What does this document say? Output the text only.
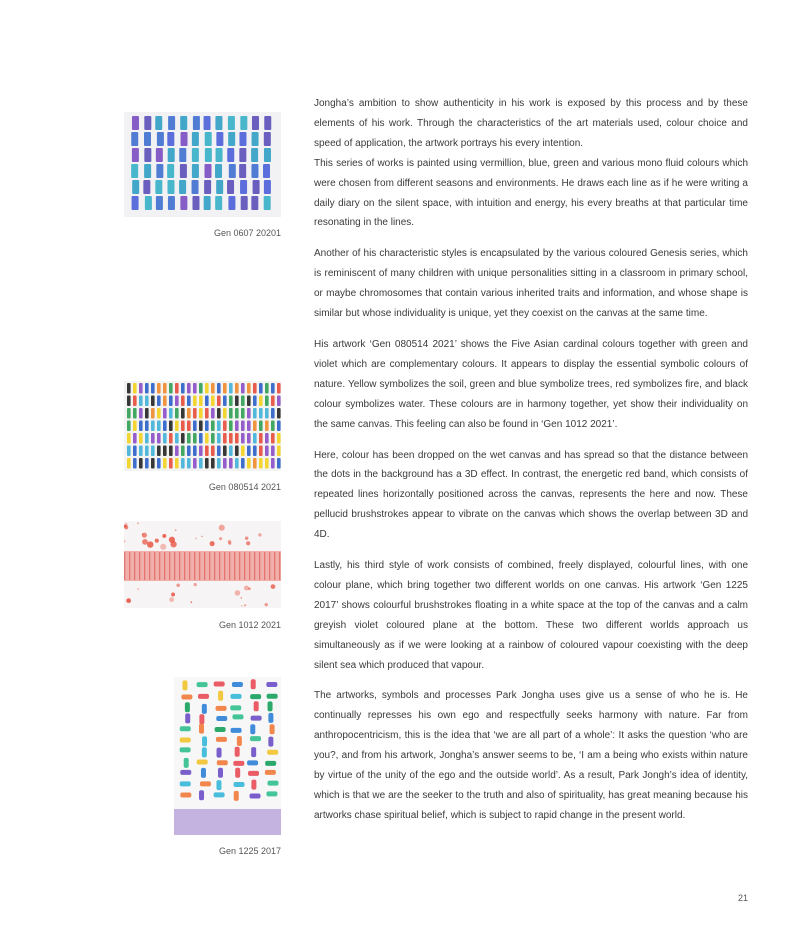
Gen 0607 20201
Gen 080514 2021
Gen 1012 2021
Gen 1225 2017

Jongha’s ambition to show authenticity in his work is exposed by this process and by these elements of his work. Through the characteristics of the art materials used, colour choice and speed of application, the artwork portrays his every intention.

This series of works is painted using vermillion, blue, green and various mono fluid colours which were chosen from different seasons and environments. He draws each line as if he were writing a daily diary on the silent space, with intuition and energy, his every breaths at that particular time resonating in the lines.

Another of his characteristic styles is encapsulated by the various coloured Genesis series, which is reminiscent of many children with unique personalities sitting in a classroom in primary school, or maybe chromosomes that contain various inherited traits and information, and whose shape is similar but whose individuality is unique, yet they coexist on the canvas at the same time.

His artwork ‘Gen 080514 2021’ shows the Five Asian cardinal colours together with green and violet which are complementary colours. It appears to display the essential symbolic colours of nature. Yellow symbolizes the soil, green and blue symbolize trees, red symbolizes fire, and black colour symbolizes water. These colours are in harmony together, yet show their individuality on the same canvas. This feeling can also be found in ‘Gen 1012 2021’.

Here, colour has been dropped on the wet canvas and has spread so that the distance between the dots in the background has a 3D effect. In contrast, the energetic red band, which consists of repeated lines horizontally positioned across the canvas, represents the here and now. These pellucid brushstrokes appear to vibrate on the canvas which shows the overlap between 3D and 4D.

Lastly, his third style of work consists of combined, freely displayed, colourful lines, with one colour plane, which bring together two different worlds on one canvas. His artwork ‘Gen 1225 2017’ shows colourful brushstrokes floating in a white space at the top of the canvas and a calm greyish violet coloured plane at the bottom. These two different worlds approach us simultaneously as if we were looking at a rainbow of coloured vapour coexisting with the deep silent sea which produced that vapour.

The artworks, symbols and processes Park Jongha uses give us a sense of who he is. He continually represses his own ego and respectfully seeks harmony with nature. Far from anthropocentricism, this is the idea that ‘we are all part of a whole’: It asks the question ‘who are you?, and from his artwork, Jongha’s answer seems to be, ‘I am a being who exists within nature by virtue of the unity of the ego and the outside world’. As a result, Park Jongh’s idea of identity, which is that we are the seeker to the truth and also of spirituality, has great meaning because his artworks chase spiritual belief, which is subject to rapid change in the present world.

21
